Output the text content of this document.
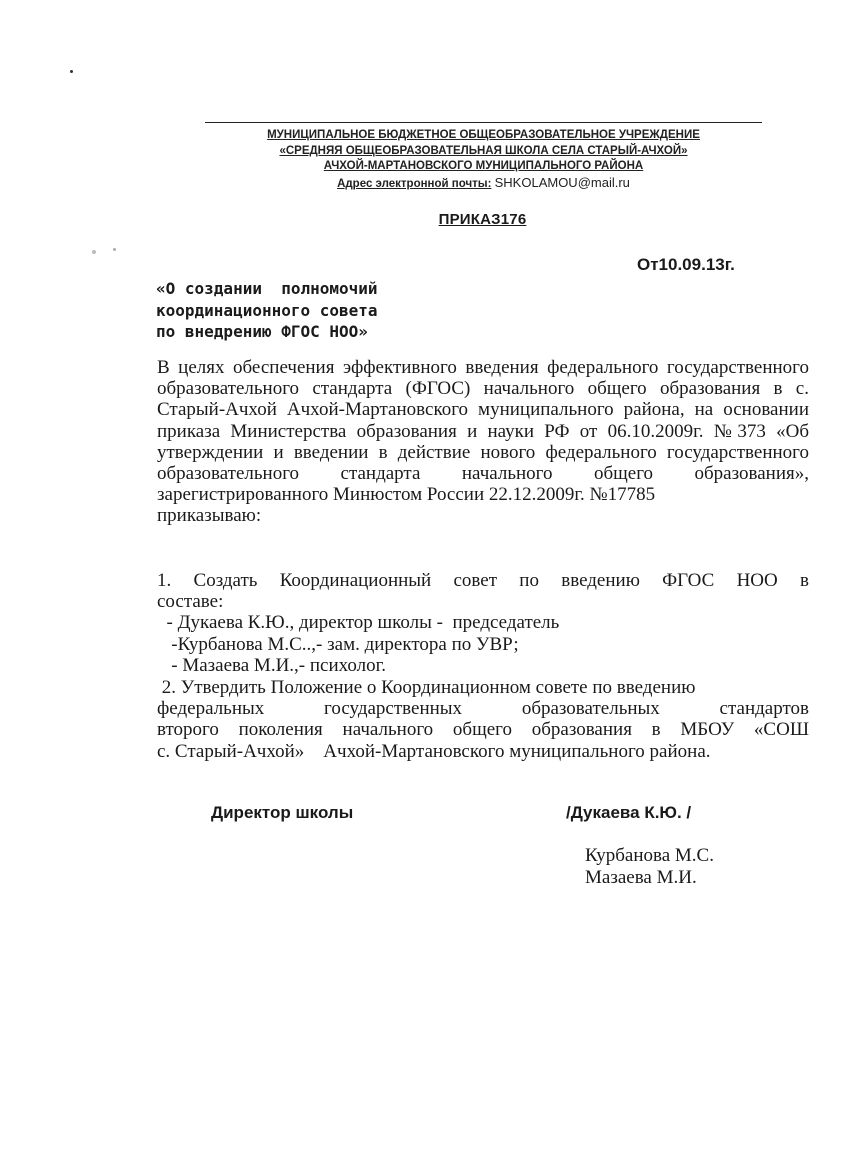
МУНИЦИПАЛЬНОЕ БЮДЖЕТНОЕ ОБЩЕОБРАЗОВАТЕЛЬНОЕ УЧРЕЖДЕНИЕ
«СРЕДНЯЯ ОБЩЕОБРАЗОВАТЕЛЬНАЯ ШКОЛА СЕЛА СТАРЫЙ-АЧХОЙ»
АЧХОЙ-МАРТАНОВСКОГО МУНИЦИПАЛЬНОГО РАЙОНА
Адрес электронной почты: SHKOLAMOU@mail.ru
ПРИКАЗ176
От10.09.13г.
«О создании  полномочий
координационного совета
по внедрению ФГОС НОО»
В целях обеспечения эффективного введения федерального государственного образовательного стандарта (ФГОС) начального общего образования в с. Старый-Ачхой Ачхой-Мартановского муниципального района, на основании приказа Министерства образования и науки РФ от 06.10.2009г. №373 «Об утверждении и введении в действие нового федерального государственного образовательного стандарта начального общего образования», зарегистрированного Минюстом России 22.12.2009г. №17785
приказываю:
1. Создать Координационный совет по введению ФГОС НОО в
составе:
- Дукаева К.Ю., директор школы -  председатель
-Курбанова М.С..,- зам. директора по УВР;
- Мазаева М.И.,- психолог.
2. Утвердить Положение о Координационном совете по введению
федеральных государственных образовательных стандартов
второго поколения начального общего образования в МБОУ «СОШ
с. Старый-Ачхой»    Ачхой-Мартановского муниципального района.
Директор школы	/Дукаева К.Ю. /
Курбанова М.С.
Мазаева М.И.
